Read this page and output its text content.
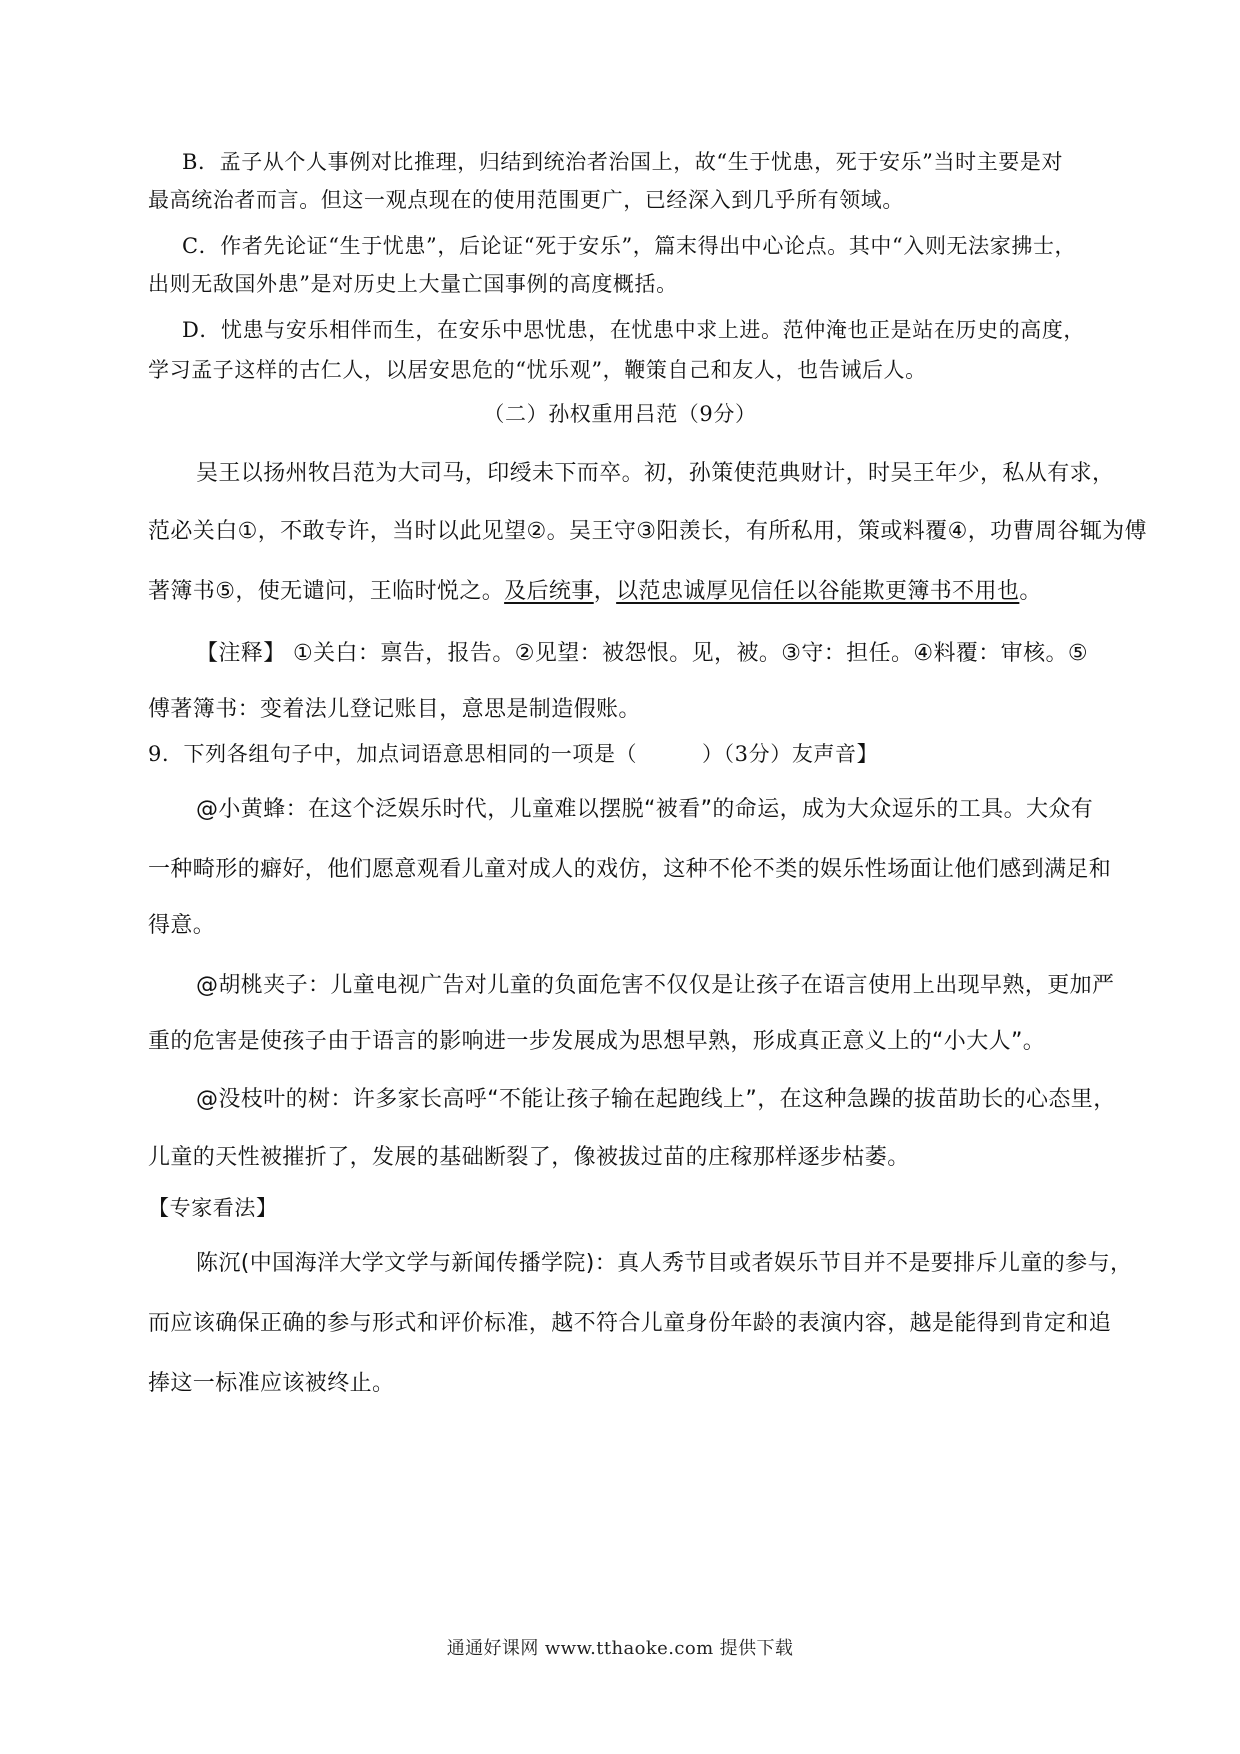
B．孟子从个人事例对比推理，归结到统治者治国上，故“生于忧患，死于安乐”当时主要是对
最高统治者而言。但这一观点现在的使用范围更广，已经深入到几乎所有领域。
C．作者先论证“生于忧患”，后论证“死于安乐”，篇末得出中心论点。其中“入则无法家拂士，
出则无敌国外患”是对历史上大量亡国事例的高度概括。
D．忧患与安乐相伴而生，在安乐中思忧患，在忧患中求上进。范仲淹也正是站在历史的高度，
学习孟子这样的古仁人，以居安思危的“忧乐观”，鞭策自己和友人，也告诫后人。
（二）孙权重用吕范（9分）
吴王以扬州牧吕范为大司马，印绶未下而卒。初，孙策使范典财计，时吴王年少，私从有求，
范必关白①，不敢专许，当时以此见望②。吴王守③阳羡长，有所私用，策或料覆④，功曹周谷辄为傅
著簿书⑤，使无谴问，王临时悦之。及后统事，以范忠诚厚见信任以谷能欺更簿书不用也。
【注释】 ①关白：禀告，报告。②见望：被怨恨。见，被。③守：担任。④料覆：审核。⑤
傅著簿书：变着法儿登记账目，意思是制造假账。
9．下列各组句子中，加点词语意思相同的一项是（　　　）（3分）友声音】
@小黄蜂：在这个泛娱乐时代，儿童难以摆脱“被看”的命运，成为大众逗乐的工具。大众有
一种畸形的癖好，他们愿意观看儿童对成人的戏仿，这种不伦不类的娱乐性场面让他们感到满足和
得意。
@胡桃夹子：儿童电视广告对儿童的负面危害不仅仅是让孩子在语言使用上出现早熟，更加严
重的危害是使孩子由于语言的影响进一步发展成为思想早熟，形成真正意义上的“小大人”。
@没枝叶的树：许多家长高呼“不能让孩子输在起跑线上”，在这种急躁的拔苗助长的心态里，
儿童的天性被摧折了，发展的基础断裂了，像被拔过苗的庄稼那样逐步枯萎。
【专家看法】
陈沉(中国海洋大学文学与新闻传播学院)：真人秀节目或者娱乐节目并不是要排斥儿童的参与，
而应该确保正确的参与形式和评价标准，越不符合儿童身份年龄的表演内容，越是能得到肯定和追
捧这一标准应该被终止。
通通好课网 www.tthaoke.com 提供下载
